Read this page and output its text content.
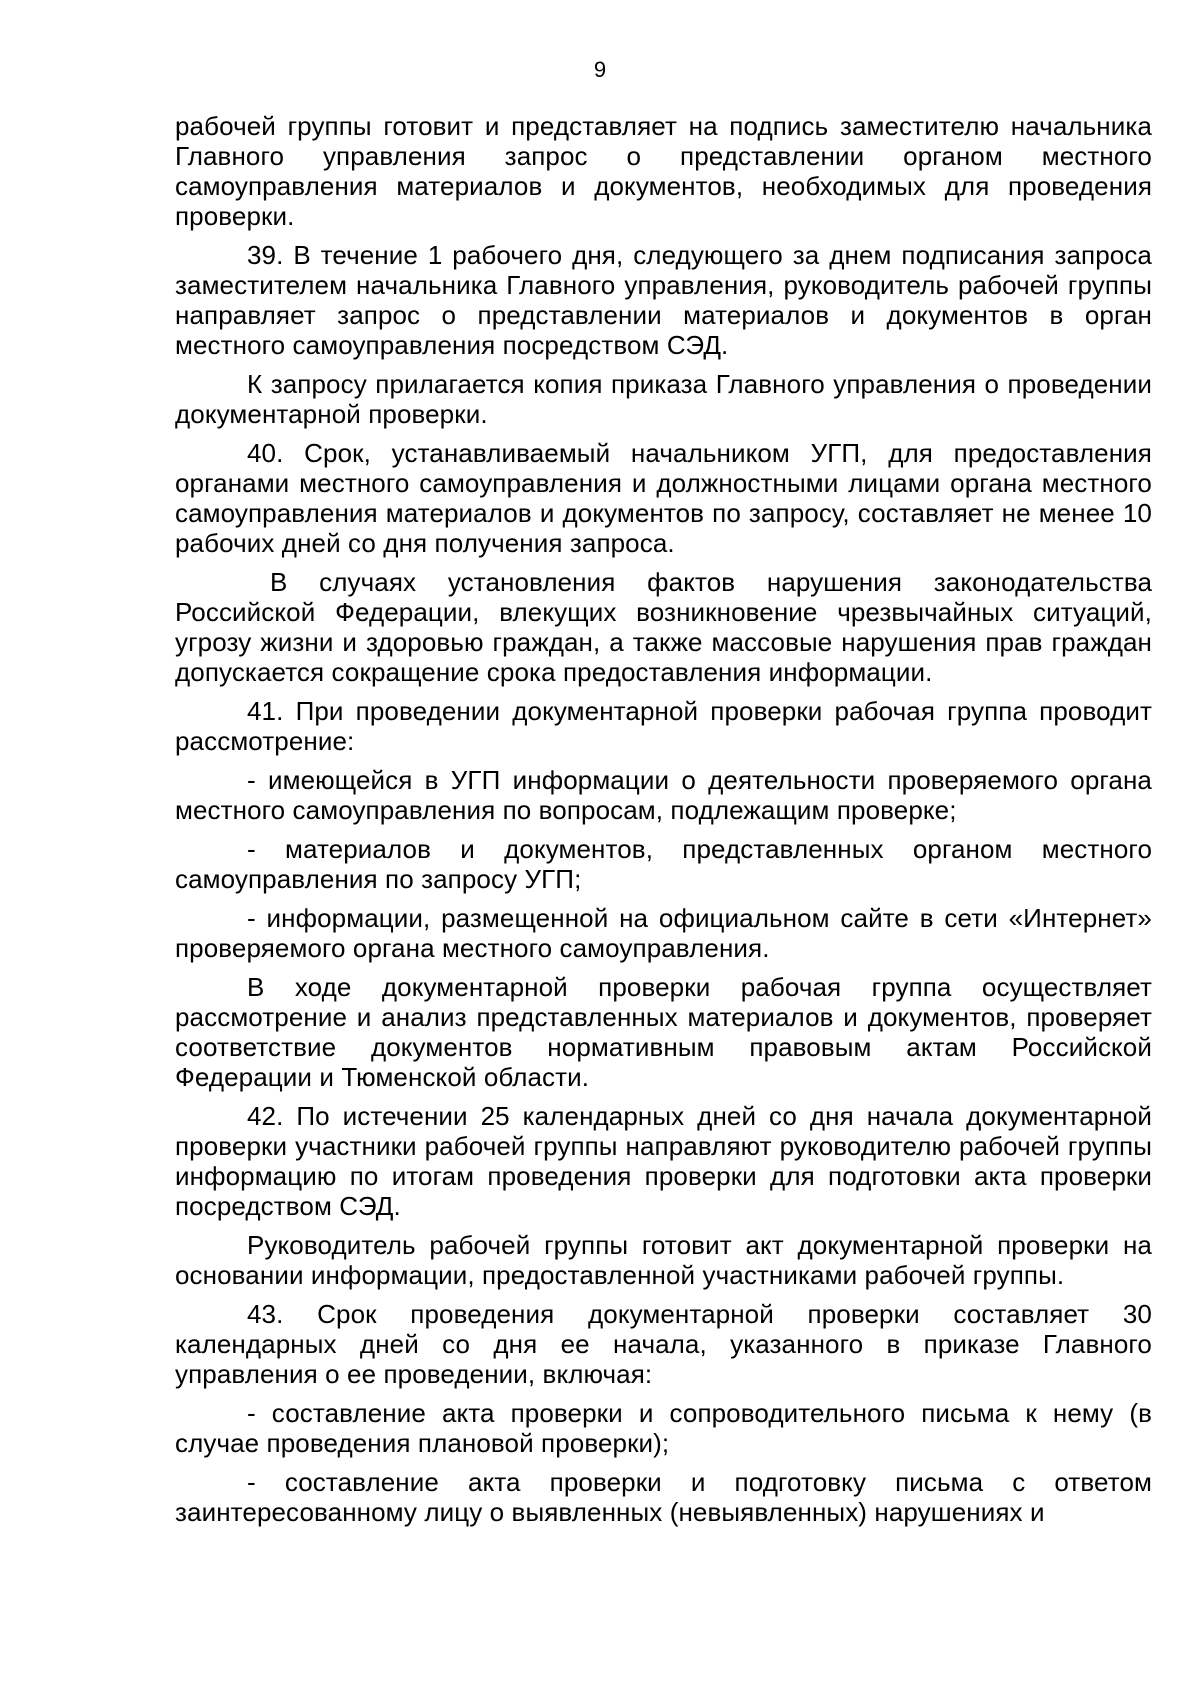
9

рабочей группы готовит и представляет на подпись заместителю начальника Главного управления запрос о представлении органом местного самоуправления материалов и документов, необходимых для проведения проверки.

39. В течение 1 рабочего дня, следующего за днем подписания запроса заместителем начальника Главного управления, руководитель рабочей группы направляет запрос о представлении материалов и документов в орган местного самоуправления посредством СЭД.

К запросу прилагается копия приказа Главного управления о проведении документарной проверки.

40. Срок, устанавливаемый начальником УГП, для предоставления органами местного самоуправления и должностными лицами органа местного самоуправления материалов и документов по запросу, составляет не менее 10 рабочих дней со дня получения запроса.

В случаях установления фактов нарушения законодательства Российской Федерации, влекущих возникновение чрезвычайных ситуаций, угрозу жизни и здоровью граждан, а также массовые нарушения прав граждан допускается сокращение срока предоставления информации.

41. При проведении документарной проверки рабочая группа проводит рассмотрение:

- имеющейся в УГП информации о деятельности проверяемого органа местного самоуправления по вопросам, подлежащим проверке;

- материалов и документов, представленных органом местного самоуправления по запросу УГП;

- информации, размещенной на официальном сайте в сети «Интернет» проверяемого органа местного самоуправления.

В ходе документарной проверки рабочая группа осуществляет рассмотрение и анализ представленных материалов и документов, проверяет соответствие документов нормативным правовым актам Российской Федерации и Тюменской области.

42. По истечении 25 календарных дней со дня начала документарной проверки участники рабочей группы направляют руководителю рабочей группы информацию по итогам проведения проверки для подготовки акта проверки посредством СЭД.

Руководитель рабочей группы готовит акт документарной проверки на основании информации, предоставленной участниками рабочей группы.

43. Срок проведения документарной проверки составляет 30 календарных дней со дня ее начала, указанного в приказе Главного управления о ее проведении, включая:

- составление акта проверки и сопроводительного письма к нему (в случае проведения плановой проверки);

- составление акта проверки и подготовку письма с ответом заинтересованному лицу о выявленных (невыявленных) нарушениях и
